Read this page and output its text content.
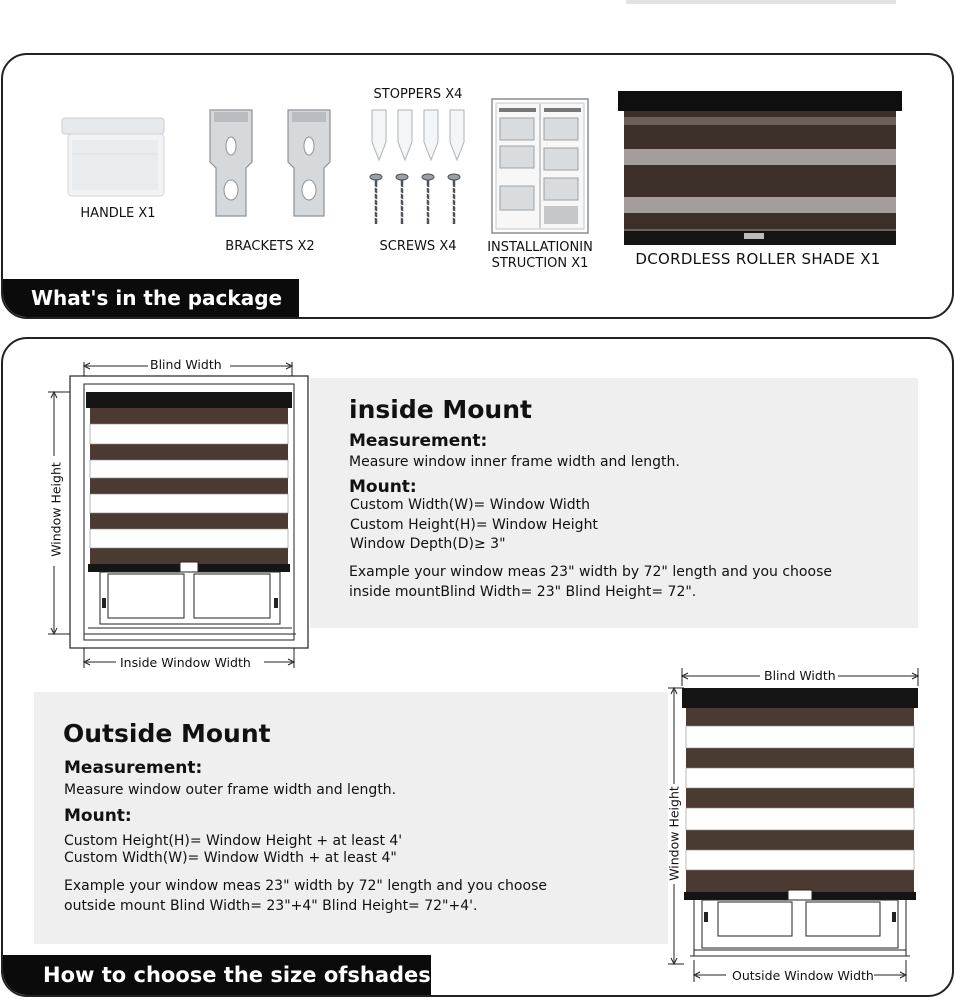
What's in the package
HANDLE X1
BRACKETS X2
STOPPERS X4
SCREWS X4	INSTALLATIONIN
STRUCTION X1	DCORDLESS ROLLER SHADE X1
How to choose the size ofshades
Blind Width
Window Height
Inside Window Width
inside Mount
Measurement:
Measure window inner frame width and length.
Mount:
Custom Width(W)= Window Width
Custom Height(H)= Window Height
Window Depth(D)≥ 3"
Example your window meas 23" width by 72" length and you choose
inside mountBlind Width= 23" Blind Height= 72".
Outside Mount
Measurement:
Measure window outer frame width and length.
Mount:
Custom Height(H)= Window Height + at least 4'
Custom Width(W)= Window Width + at least 4"
Example your window meas 23" width by 72" length and you choose
outside mount Blind Width= 23"+4" Blind Height= 72"+4'.
Blind Width
Window Height
Outside Window Width
